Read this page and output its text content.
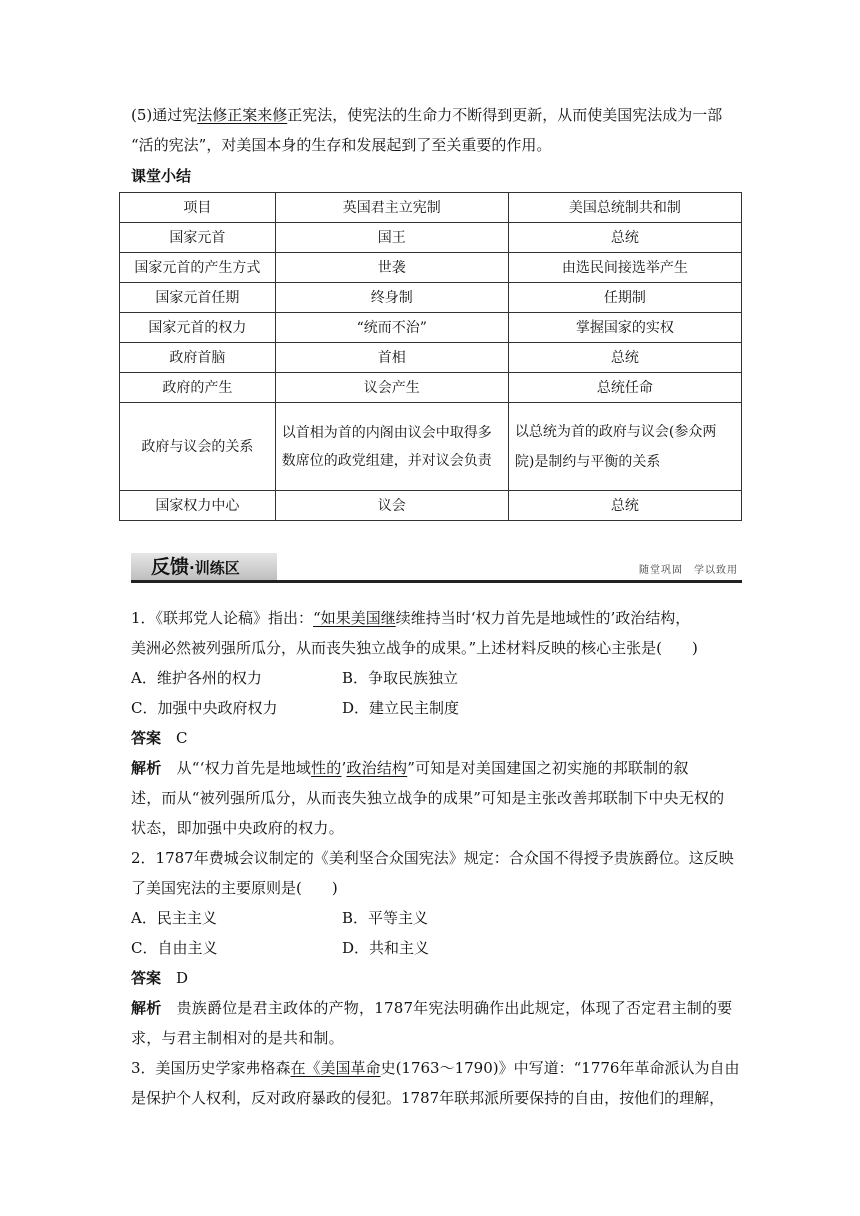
(5)通过宪法修正案来修正宪法，使宪法的生命力不断得到更新，从而使美国宪法成为一部

“活的宪法”，对美国本身的生存和发展起到了至关重要的作用。

课堂小结

项目	英国君主立宪制	美国总统制共和制
国家元首	国王	总统
国家元首的产生方式	世袭	由选民间接选举产生
国家元首任期	终身制	任期制
国家元首的权力	“统而不治”	掌握国家的实权
政府首脑	首相	总统
政府的产生	议会产生	总统任命
政府与议会的关系	以首相为首的内阁由议会中取得多数席位的政党组建，并对议会负责	以总统为首的政府与议会(参众两院)是制约与平衡的关系
国家权力中心	议会	总统
反馈·训练区	随堂巩固　学以致用

1．《联邦党人论稿》指出：“如果美国继续维持当时‘权力首先是地域性的’政治结构，

美洲必然被列强所瓜分，从而丧失独立战争的成果。”上述材料反映的核心主张是(　　)

A．维护各州的权力	B．争取民族独立

C．加强中央政府权力	D．建立民主制度

答案　 C

解析　 从“‘权力首先是地域性的’政治结构”可知是对美国建国之初实施的邦联制的叙

述，而从“被列强所瓜分，从而丧失独立战争的成果”可知是主张改善邦联制下中央无权的

状态，即加强中央政府的权力。

2．1787年费城会议制定的《美利坚合众国宪法》规定：合众国不得授予贵族爵位。这反映

了美国宪法的主要原则是(　　)

A．民主主义	B．平等主义

C．自由主义	D．共和主义

答案　 D

解析　 贵族爵位是君主政体的产物，1787年宪法明确作出此规定，体现了否定君主制的要

求，与君主制相对的是共和制。

3．美国历史学家弗格森在《美国革命史(1763～1790)》中写道：“1776年革命派认为自由

是保护个人权利，反对政府暴政的侵犯。1787年联邦派所要保持的自由，按他们的理解，
